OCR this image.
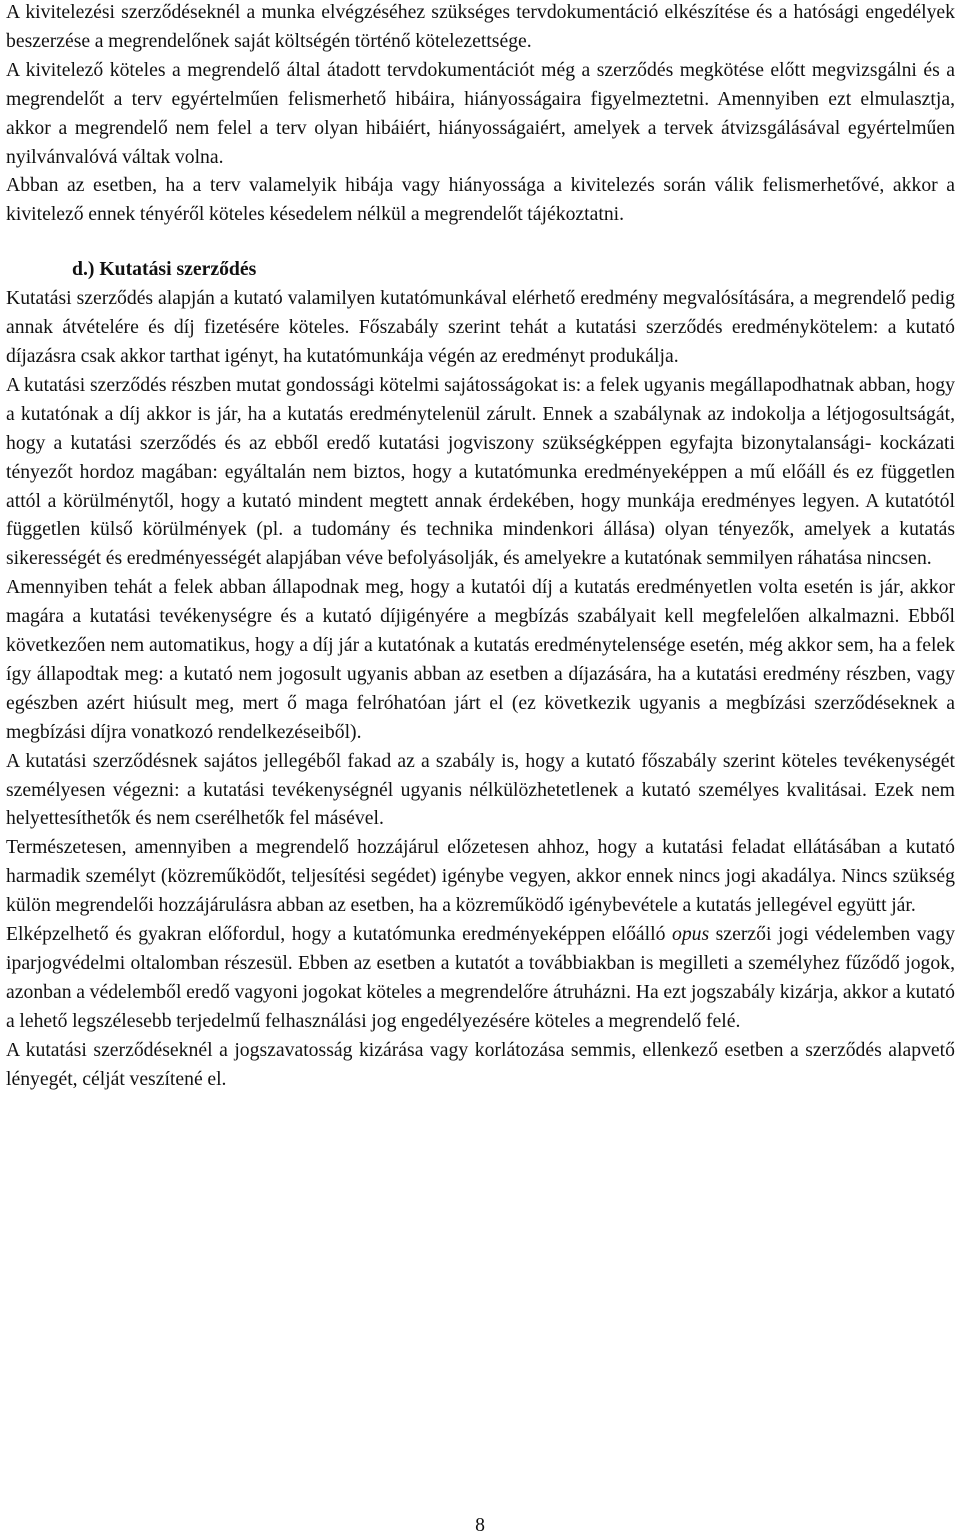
A kivitelezési szerződéseknél a munka elvégzéséhez szükséges tervdokumentáció elkészítése és a hatósági engedélyek beszerzése a megrendelőnek saját költségén történő kötelezettsége.

A kivitelező köteles a megrendelő által átadott tervdokumentációt még a szerződés megkötése előtt megvizsgálni és a megrendelőt a terv egyértelműen felismerhető hibáira, hiányosságaira figyelmeztetni. Amennyiben ezt elmulasztja, akkor a megrendelő nem felel a terv olyan hibáiért, hiányosságaiért, amelyek a tervek átvizsgálásával egyértelműen nyilvánvalóvá váltak volna.

Abban az esetben, ha a terv valamelyik hibája vagy hiányossága a kivitelezés során válik felismerhetővé, akkor a kivitelező ennek tényéről köteles késedelem nélkül a megrendelőt tájékoztatni.

d.) Kutatási szerződés

Kutatási szerződés alapján a kutató valamilyen kutatómunkával elérhető eredmény megvalósítására, a megrendelő pedig annak átvételére és díj fizetésére köteles. Főszabály szerint tehát a kutatási szerződés eredménykötelem: a kutató díjazásra csak akkor tarthat igényt, ha kutatómunkája végén az eredményt produkálja.

A kutatási szerződés részben mutat gondossági kötelmi sajátosságokat is: a felek ugyanis megállapodhatnak abban, hogy a kutatónak a díj akkor is jár, ha a kutatás eredménytelenül zárult. Ennek a szabálynak az indokolja a létjogosultságát, hogy a kutatási szerződés és az ebből eredő kutatási jogviszony szükségképpen egyfajta bizonytalansági- kockázati tényezőt hordoz magában: egyáltalán nem biztos, hogy a kutatómunka eredményeképpen a mű előáll és ez független attól a körülménytől, hogy a kutató mindent megtett annak érdekében, hogy munkája eredményes legyen. A kutatótól független külső körülmények (pl. a tudomány és technika mindenkori állása) olyan tényezők, amelyek a kutatás sikerességét és eredményességét alapjában véve befolyásolják, és amelyekre a kutatónak semmilyen ráhatása nincsen.

Amennyiben tehát a felek abban állapodnak meg, hogy a kutatói díj a kutatás eredményetlen volta esetén is jár, akkor magára a kutatási tevékenységre és a kutató díjigényére a megbízás szabályait kell megfelelően alkalmazni. Ebből következően nem automatikus, hogy a díj jár a kutatónak a kutatás eredménytelensége esetén, még akkor sem, ha a felek így állapodtak meg: a kutató nem jogosult ugyanis abban az esetben a díjazására, ha a kutatási eredmény részben, vagy egészben azért hiúsult meg, mert ő maga felróhatóan járt el (ez következik ugyanis a megbízási szerződéseknek a megbízási díjra vonatkozó rendelkezéseiből).

A kutatási szerződésnek sajátos jellegéből fakad az a szabály is, hogy a kutató főszabály szerint köteles tevékenységét személyesen végezni: a kutatási tevékenységnél ugyanis nélkülözhetetlenek a kutató személyes kvalitásai. Ezek nem helyettesíthetők és nem cserélhetők fel másével.

Természetesen, amennyiben a megrendelő hozzájárul előzetesen ahhoz, hogy a kutatási feladat ellátásában a kutató harmadik személyt (közreműködőt, teljesítési segédet) igénybe vegyen, akkor ennek nincs jogi akadálya. Nincs szükség külön megrendelői hozzájárulásra abban az esetben, ha a közreműködő igénybevétele a kutatás jellegével együtt jár.

Elképzelhető és gyakran előfordul, hogy a kutatómunka eredményeképpen előálló opus szerzői jogi védelemben vagy iparjogvédelmi oltalomban részesül. Ebben az esetben a kutatót a továbbiakban is megilleti a személyhez fűződő jogok, azonban a védelemből eredő vagyoni jogokat köteles a megrendelőre átruházni. Ha ezt jogszabály kizárja, akkor a kutató a lehető legszélesebb terjedelmű felhasználási jog engedélyezésére köteles a megrendelő felé.

A kutatási szerződéseknél a jogszavatosság kizárása vagy korlátozása semmis, ellenkező esetben a szerződés alapvető lényegét, célját veszítené el.

8
